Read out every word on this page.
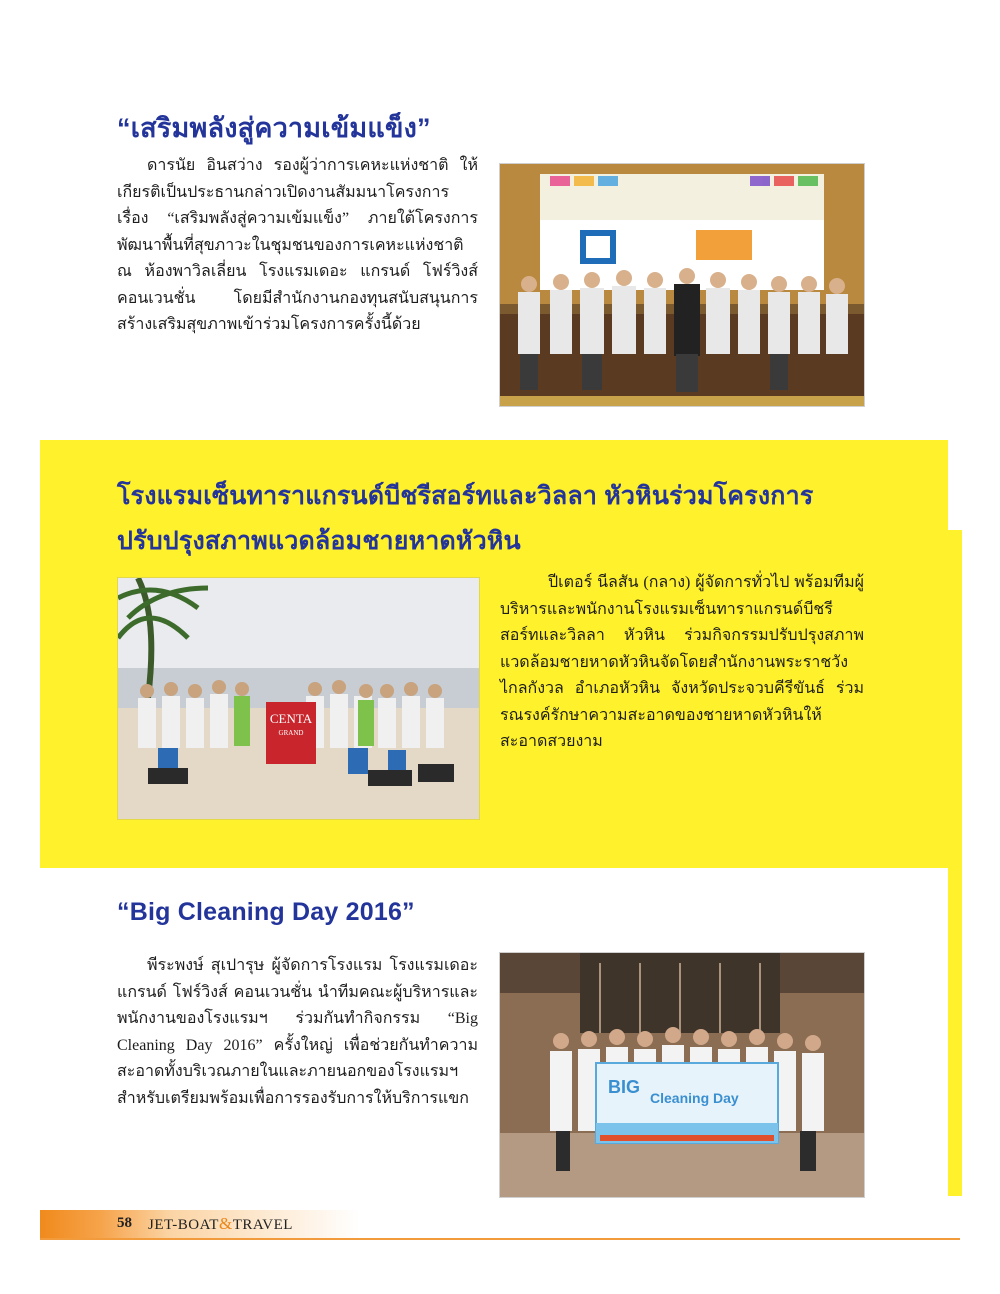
“เสริมพลังสู่ความเข้มแข็ง”

ดารนัย อินสว่าง รองผู้ว่าการเคหะแห่งชาติ ให้เกียรติเป็นประธานกล่าวเปิดงานสัมมนาโครงการเรื่อง “เสริมพลังสู่ความเข้มแข็ง” ภายใต้โครงการพัฒนาพื้นที่สุขภาวะในชุมชนของการเคหะแห่งชาติ ณ ห้องพาวิลเลี่ยน โรงแรมเดอะ แกรนด์ โฟร์วิงส์ คอนเวนชั่น โดยมีสำนักงานกองทุนสนับสนุนการสร้างเสริมสุขภาพเข้าร่วมโครงการครั้งนี้ด้วย

โรงแรมเซ็นทาราแกรนด์บีชรีสอร์ทและวิลลา หัวหินร่วมโครงการ
ปรับปรุงสภาพแวดล้อมชายหาดหัวหิน
CENTA
GRAND

ปีเตอร์ นีลสัน (กลาง) ผู้จัดการทั่วไป พร้อมทีมผู้บริหารและพนักงานโรงแรมเซ็นทาราแกรนด์บีชรีสอร์ทและวิลลา หัวหิน ร่วมกิจกรรมปรับปรุงสภาพแวดล้อมชายหาดหัวหินจัดโดยสำนักงานพระราชวังไกลกังวล อำเภอหัวหิน จังหวัดประจวบคีรีขันธ์ ร่วมรณรงค์รักษาความสะอาดของชายหาดหัวหินให้สะอาดสวยงาม

“Big Cleaning Day 2016”

พีระพงษ์ สุเปารุษ ผู้จัดการโรงแรม โรงแรมเดอะ แกรนด์ โฟร์วิงส์ คอนเวนชั่น นำทีมคณะผู้บริหารและพนักงานของโรงแรมฯ ร่วมกันทำกิจกรรม “Big Cleaning Day 2016” ครั้งใหญ่ เพื่อช่วยกันทำความสะอาดทั้งบริเวณภายในและภายนอกของโรงแรมฯ สำหรับเตรียมพร้อมเพื่อการรองรับการให้บริการแขก

BIG
Cleaning Day
58 JET-BOAT&TRAVEL
